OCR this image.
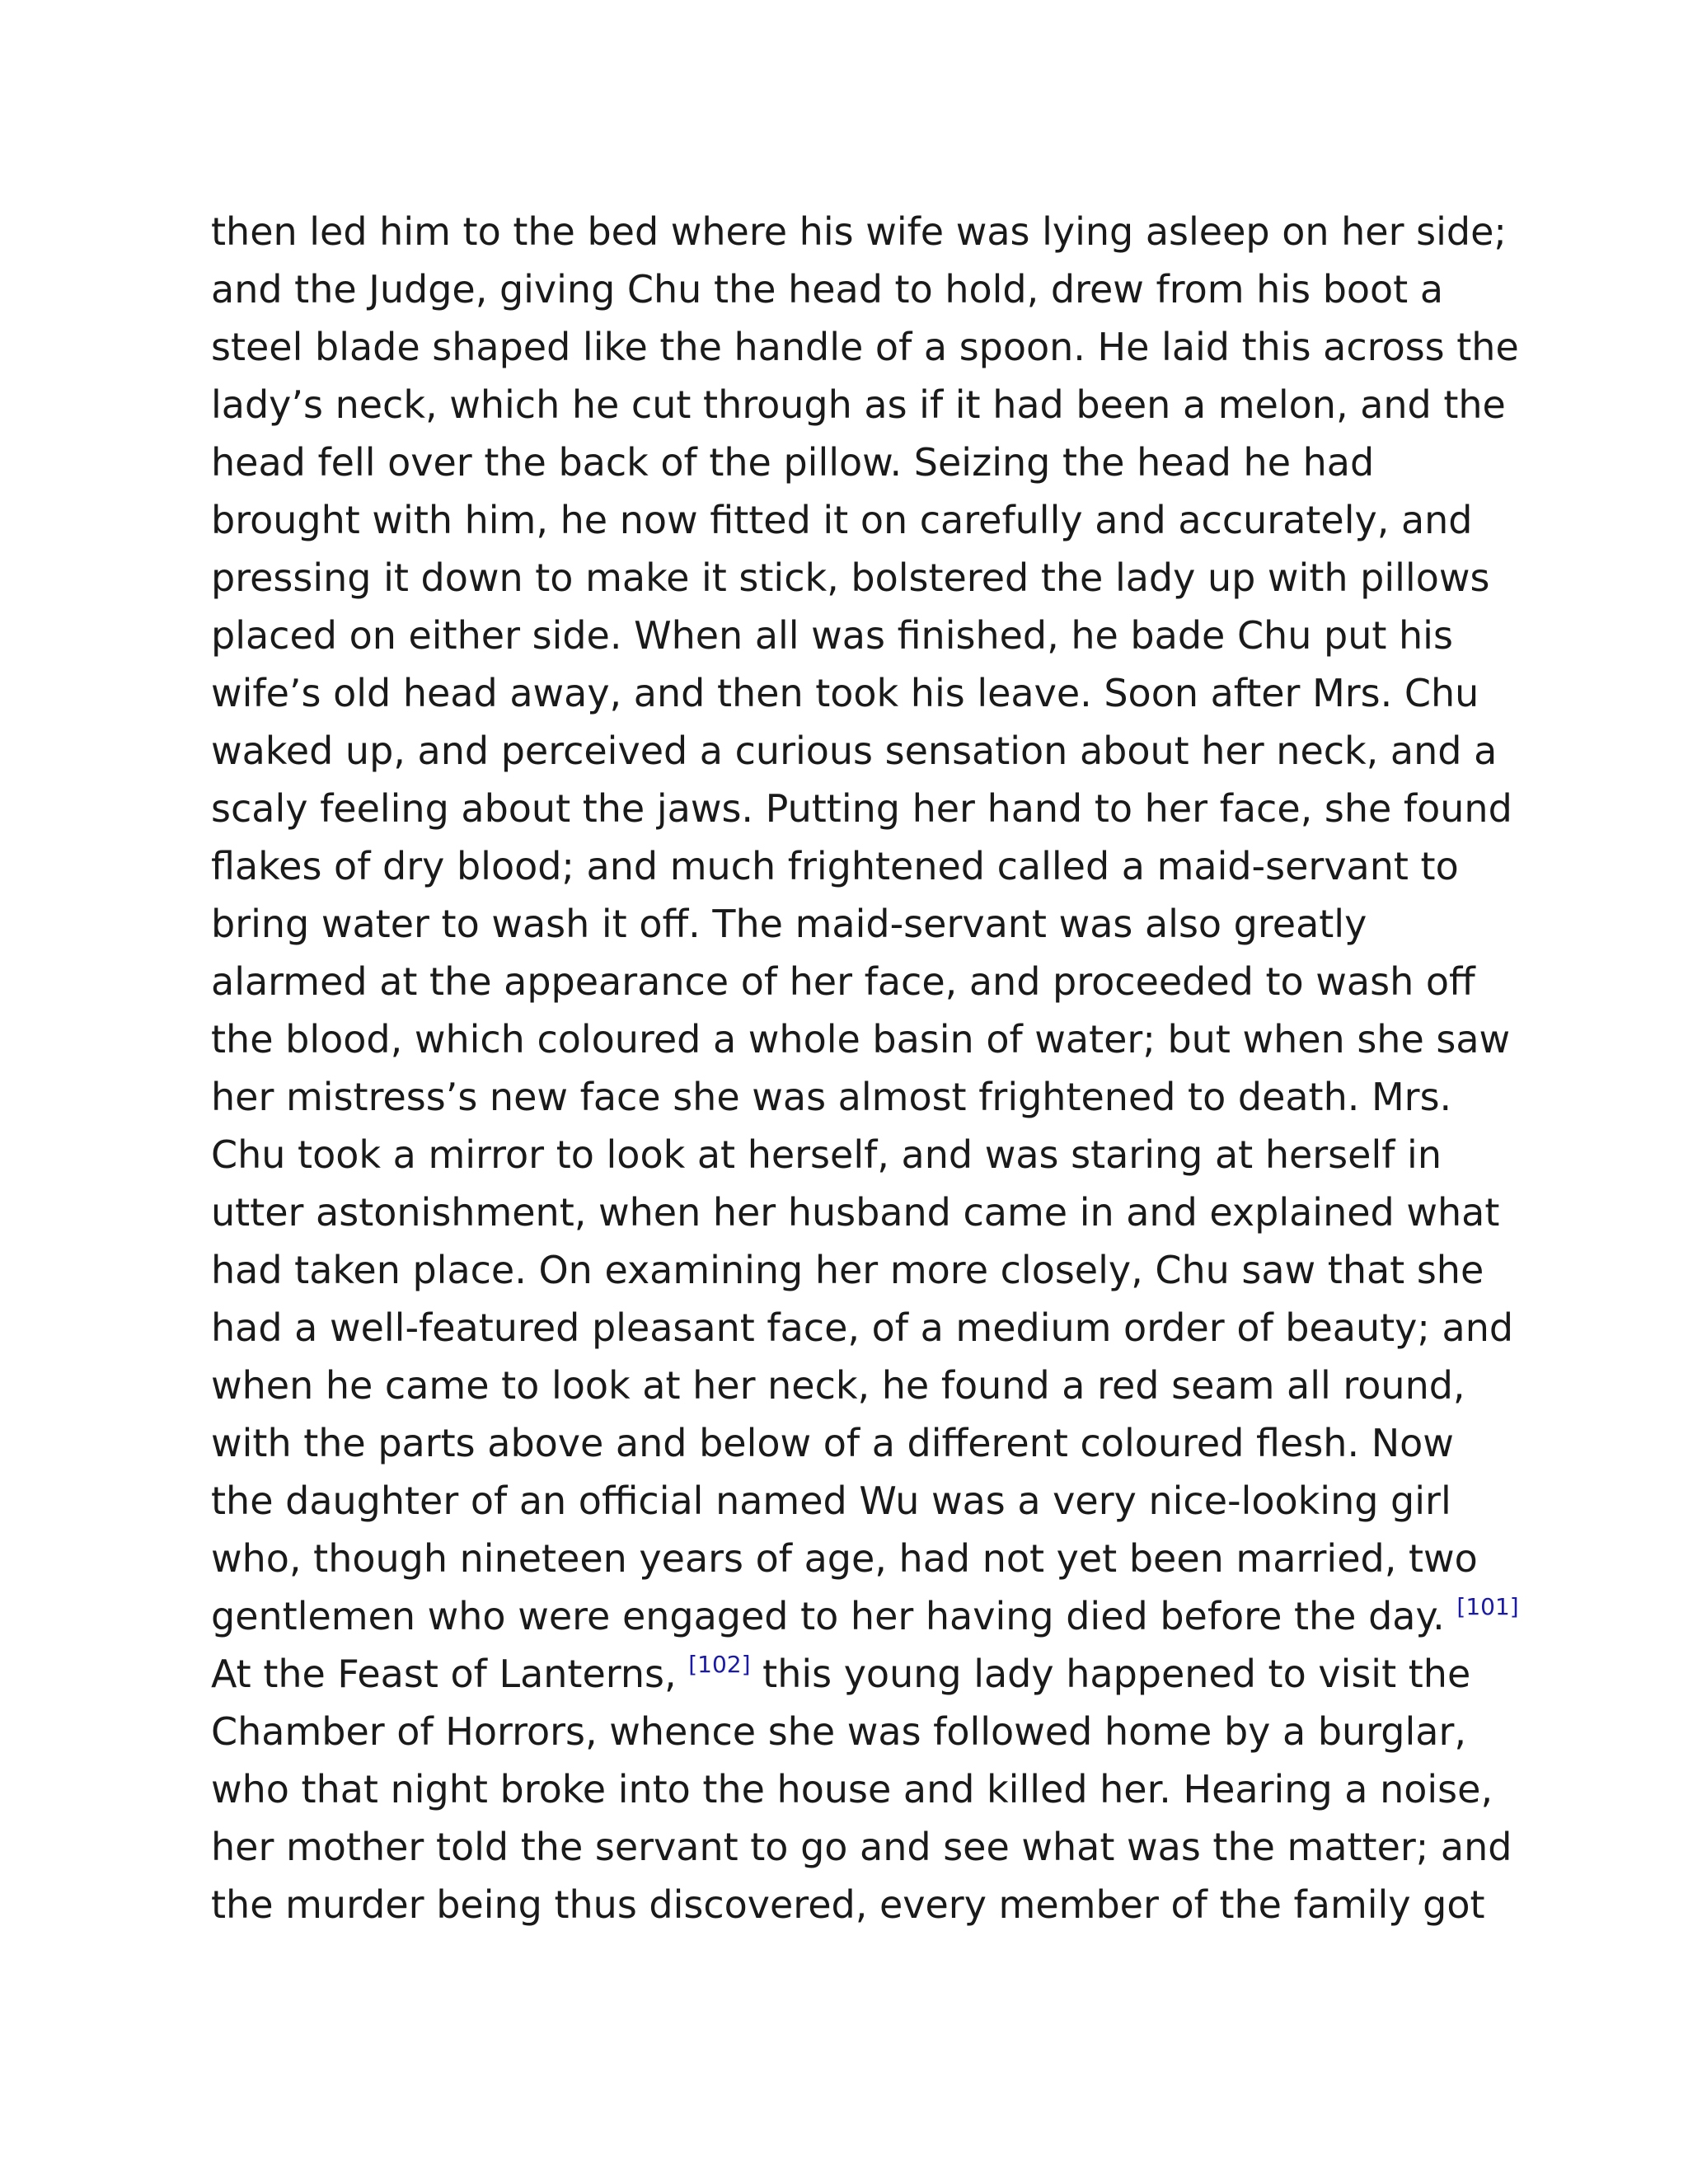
then led him to the bed where his wife was lying asleep on her side;
and the Judge, giving Chu the head to hold, drew from his boot a
steel blade shaped like the handle of a spoon. He laid this across the
lady’s neck, which he cut through as if it had been a melon, and the
head fell over the back of the pillow. Seizing the head he had
brought with him, he now fitted it on carefully and accurately, and
pressing it down to make it stick, bolstered the lady up with pillows
placed on either side. When all was finished, he bade Chu put his
wife’s old head away, and then took his leave. Soon after Mrs. Chu
waked up, and perceived a curious sensation about her neck, and a
scaly feeling about the jaws. Putting her hand to her face, she found
flakes of dry blood; and much frightened called a maid-servant to
bring water to wash it off. The maid-servant was also greatly
alarmed at the appearance of her face, and proceeded to wash off
the blood, which coloured a whole basin of water; but when she saw
her mistress’s new face she was almost frightened to death. Mrs.
Chu took a mirror to look at herself, and was staring at herself in
utter astonishment, when her husband came in and explained what
had taken place. On examining her more closely, Chu saw that she
had a well-featured pleasant face, of a medium order of beauty; and
when he came to look at her neck, he found a red seam all round,
with the parts above and below of a different coloured flesh. Now
the daughter of an official named Wu was a very nice-looking girl
who, though nineteen years of age, had not yet been married, two
gentlemen who were engaged to her having died before the day. [101]
At the Feast of Lanterns, [102] this young lady happened to visit the
Chamber of Horrors, whence she was followed home by a burglar,
who that night broke into the house and killed her. Hearing a noise,
her mother told the servant to go and see what was the matter; and
the murder being thus discovered, every member of the family got
